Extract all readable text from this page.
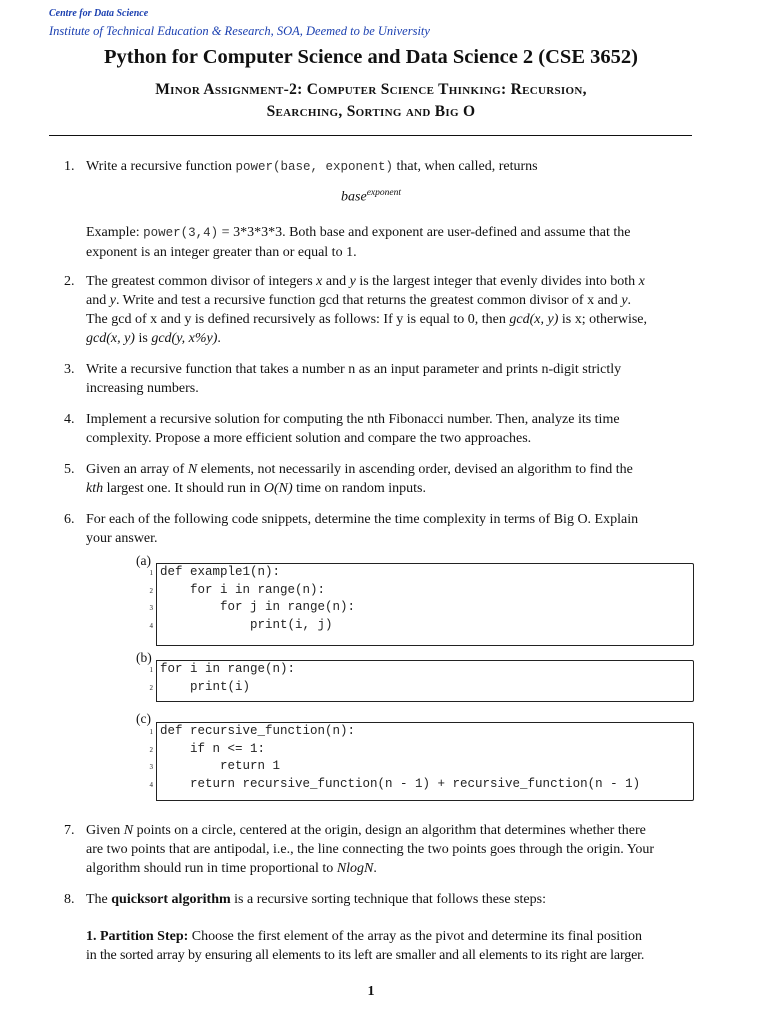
Centre for Data Science
Institute of Technical Education & Research, SOA, Deemed to be University
Python for Computer Science and Data Science 2 (CSE 3652)
Minor Assignment-2: Computer Science Thinking: Recursion,
Searching, Sorting and Big O
1. Write a recursive function power(base, exponent) that, when called, returns
base$^{exponent}$
Example: power(3,4) = 3*3*3*3. Both base and exponent are user-defined and assume that the
exponent is an integer greater than or equal to 1.
2. The greatest common divisor of integers x and y is the largest integer that evenly divides into both x
and y. Write and test a recursive function gcd that returns the greatest common divisor of x and y.
The gcd of x and y is defined recursively as follows: If y is equal to 0, then gcd(x, y) is x; otherwise,
gcd(x, y) is gcd(y, x%y).
3. Write a recursive function that takes a number n as an input parameter and prints n-digit strictly
increasing numbers.
4. Implement a recursive solution for computing the nth Fibonacci number. Then, analyze its time
complexity. Propose a more efficient solution and compare the two approaches.
5. Given an array of N elements, not necessarily in ascending order, devised an algorithm to find the
kth largest one. It should run in O(N) time on random inputs.
6. For each of the following code snippets, determine the time complexity in terms of Big O. Explain
your answer.
(a)
1 def example1(n):
2 for i in range(n):
3 for j in range(n):
4 print(i, j)
(b)
1 for i in range(n):
2 print(i)
(c)
1 def recursive_function(n):
2 if n <= 1:
3 return 1
4 return recursive_function(n - 1) + recursive_function(n - 1)
7. Given N points on a circle, centered at the origin, design an algorithm that determines whether there
are two points that are antipodal, i.e., the line connecting the two points goes through the origin. Your
algorithm should run in time proportional to NlogN.
8. The quicksort algorithm is a recursive sorting technique that follows these steps:
1. Partition Step: Choose the first element of the array as the pivot and determine its final position
in the sorted array by ensuring all elements to its left are smaller and all elements to its right are larger.
1
